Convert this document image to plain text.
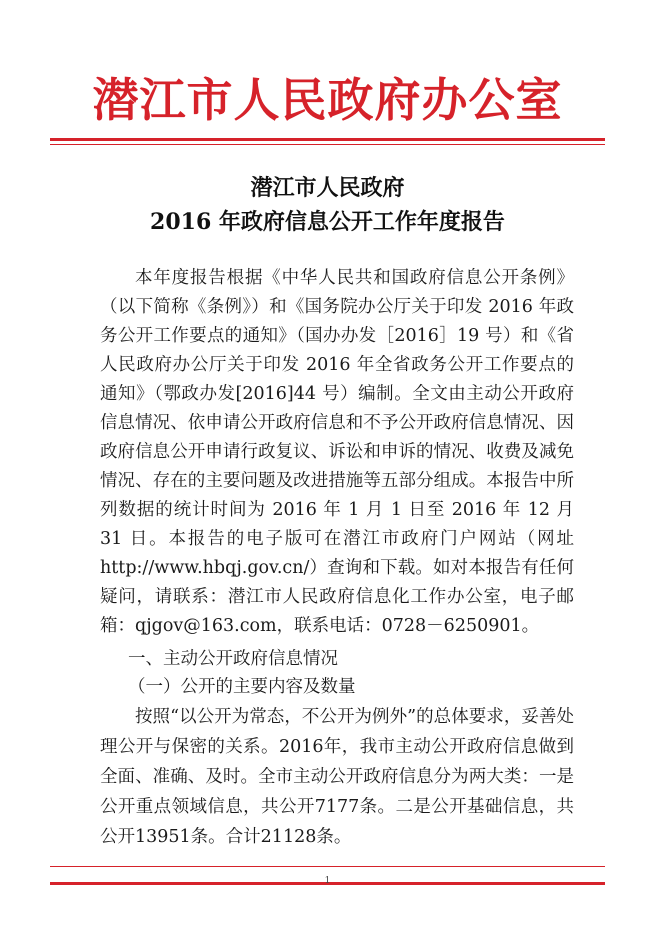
潜江市人民政府办公室
潜江市人民政府
2016 年政府信息公开工作年度报告

本年度报告根据《中华人民共和国政府信息公开条例》（以下简称《条例》）和《国务院办公厅关于印发 2016 年政务公开工作要点的通知》（国办办发［2016］19 号）和《省人民政府办公厅关于印发 2016 年全省政务公开工作要点的通知》（鄂政办发[2016]44 号）编制。全文由主动公开政府信息情况、依申请公开政府信息和不予公开政府信息情况、因政府信息公开申请行政复议、诉讼和申诉的情况、收费及减免情况、存在的主要问题及改进措施等五部分组成。本报告中所列数据的统计时间为 2016 年 1 月 1 日至 2016 年 12 月 31 日。本报告的电子版可在潜江市政府门户网站（网址 http://www.hbqj.gov.cn/）查询和下载。如对本报告有任何疑问，请联系：潜江市人民政府信息化工作办公室，电子邮箱：qjgov@163.com，联系电话：0728－6250901。

一、主动公开政府信息情况
（一）公开的主要内容及数量

按照“以公开为常态，不公开为例外”的总体要求，妥善处理公开与保密的关系。2016年，我市主动公开政府信息做到全面、准确、及时。全市主动公开政府信息分为两大类：一是公开重点领域信息，共公开7177条。二是公开基础信息，共公开13951条。合计21128条。

1
